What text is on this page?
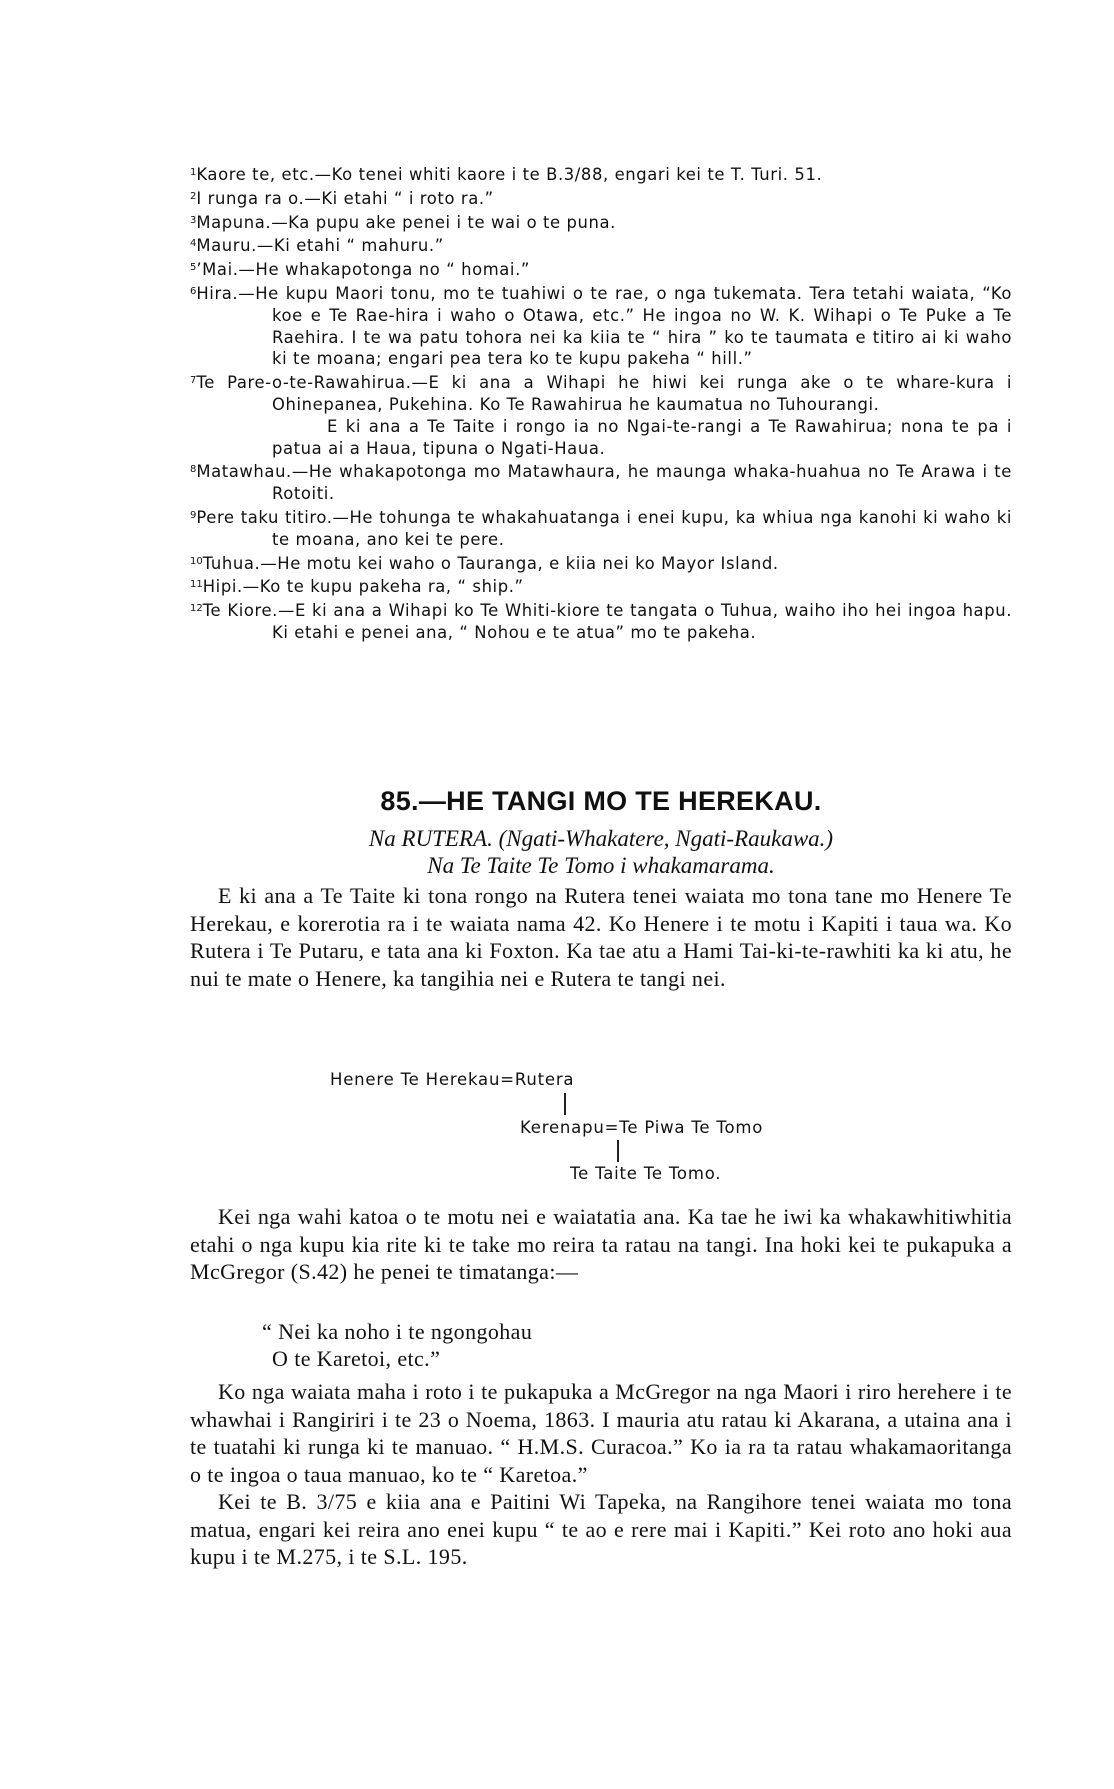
$^1$Kaore te, etc.—Ko tenei whiti kaore i te B.3/88, engari kei te T. Turi. 51.

$^2$I runga ra o.—Ki etahi “ i roto ra.”

$^3$Mapuna.—Ka pupu ake penei i te wai o te puna.

$^4$Mauru.—Ki etahi “ mahuru.”

$^5$’Mai.—He whakapotonga no “ homai.”

$^6$Hira.—He kupu Maori tonu, mo te tuahiwi o te rae, o nga tukemata. Tera tetahi waiata, “Ko koe e Te Rae-hira i waho o Otawa, etc.” He ingoa no W. K. Wihapi o Te Puke a Te Raehira. I te wa patu tohora nei ka kiia te “ hira ” ko te taumata e titiro ai ki waho ki te moana; engari pea tera ko te kupu pakeha “ hill.”

$^7$Te Pare-o-te-Rawahirua.—E ki ana a Wihapi he hiwi kei runga ake o te whare-kura i Ohinepanea, Pukehina. Ko Te Rawahirua he kaumatua no Tuhourangi.
E ki ana a Te Taite i rongo ia no Ngai-te-rangi a Te Rawahirua; nona te pa i patua ai a Haua, tipuna o Ngati-Haua.

$^8$Matawhau.—He whakapotonga mo Matawhaura, he maunga whaka-huahua no Te Arawa i te Rotoiti.

$^9$Pere taku titiro.—He tohunga te whakahuatanga i enei kupu, ka whiua nga kanohi ki waho ki te moana, ano kei te pere.

$^{10}$Tuhua.—He motu kei waho o Tauranga, e kiia nei ko Mayor Island.

$^{11}$Hipi.—Ko te kupu pakeha ra, “ ship.”

$^{12}$Te Kiore.—E ki ana a Wihapi ko Te Whiti-kiore te tangata o Tuhua, waiho iho hei ingoa hapu. Ki etahi e penei ana, “ Nohou e te atua” mo te pakeha.

85.—HE TANGI MO TE HEREKAU.
Na RUTERA. (Ngati-Whakatere, Ngati-Raukawa.)
Na Te Taite Te Tomo i whakamarama.

E ki ana a Te Taite ki tona rongo na Rutera tenei waiata mo tona tane mo Henere Te Herekau, e korerotia ra i te waiata nama 42. Ko Henere i te motu i Kapiti i taua wa. Ko Rutera i Te Putaru, e tata ana ki Foxton. Ka tae atu a Hami Tai-ki-te-rawhiti ka ki atu, he nui te mate o Henere, ka tangihia nei e Rutera te tangi nei.

Henere Te Herekau=Rutera
Kerenapu=Te Piwa Te Tomo
Te Taite Te Tomo.

Kei nga wahi katoa o te motu nei e waiatatia ana. Ka tae he iwi ka whakawhitiwhitia etahi o nga kupu kia rite ki te take mo reira ta ratau na tangi. Ina hoki kei te pukapuka a McGregor (S.42) he penei te timatanga:—

“ Nei ka noho i te ngongohau
O te Karetoi, etc.”

Ko nga waiata maha i roto i te pukapuka a McGregor na nga Maori i riro herehere i te whawhai i Rangiriri i te 23 o Noema, 1863. I mauria atu ratau ki Akarana, a utaina ana i te tuatahi ki runga ki te manuao. “ H.M.S. Curacoa.” Ko ia ra ta ratau whakamaoritanga o te ingoa o taua manuao, ko te “ Karetoa.”

Kei te B. 3/75 e kiia ana e Paitini Wi Tapeka, na Rangihore tenei waiata mo tona matua, engari kei reira ano enei kupu “ te ao e rere mai i Kapiti.” Kei roto ano hoki aua kupu i te M.275, i te S.L. 195.
